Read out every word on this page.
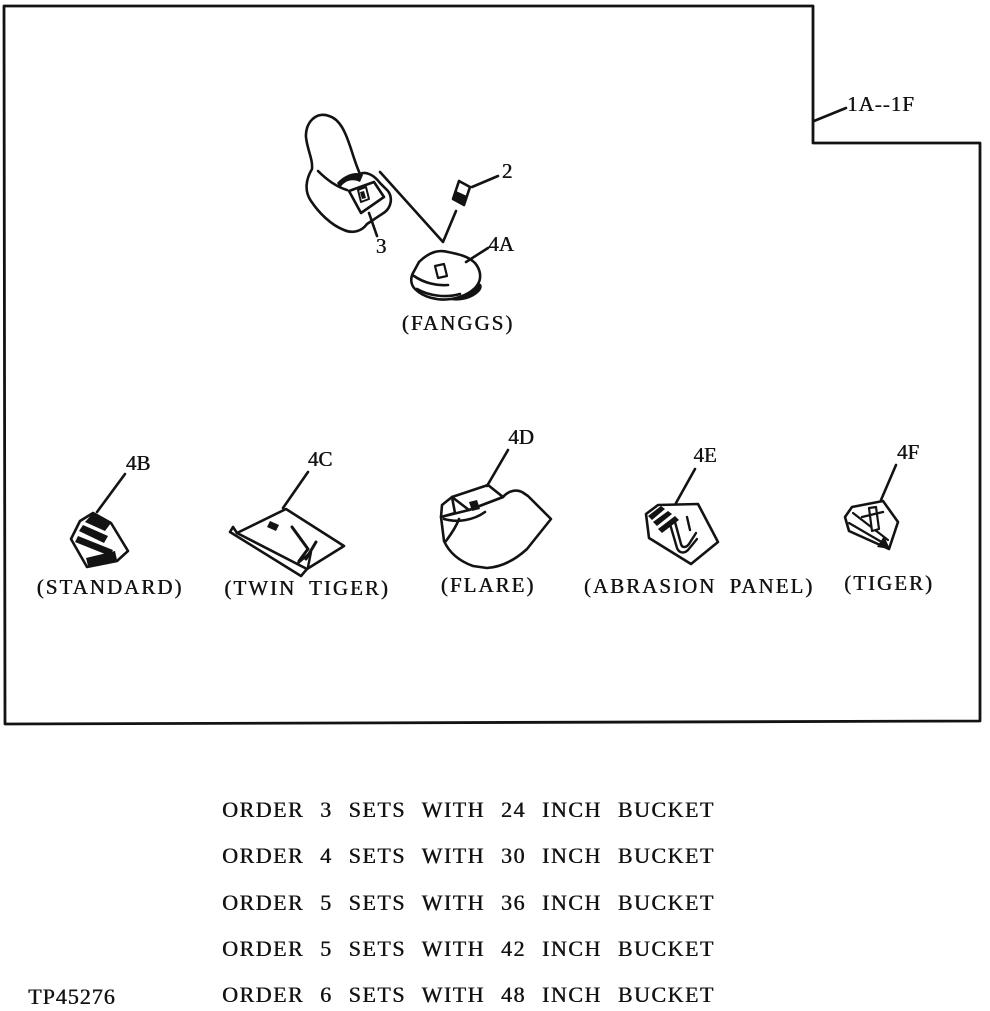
1A--1F
2
3	4A
4B	4C
4D
4E	4F
(FANGGS)
(STANDARD) (TWIN TIGER) (FLARE) (ABRASION PANEL) (TIGER)
ORDER 3 SETS WITH 24 INCH BUCKET
ORDER 4 SETS WITH 30 INCH BUCKET
ORDER 5 SETS WITH 36 INCH BUCKET
ORDER 5 SETS WITH 42 INCH BUCKET
ORDER 6 SETS WITH 48 INCH BUCKET
TP45276
